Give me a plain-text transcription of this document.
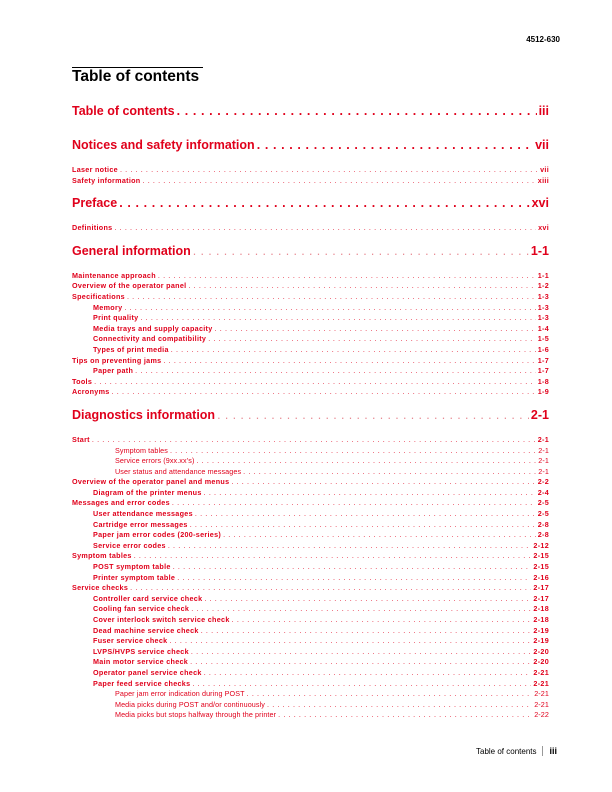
4512-630
Table of contents
Table of contents . . .	iii
Notices and safety information . . .	vii
Laser notice . . .	vii
Safety information . . .	xiii
Preface . . .	xvi
Definitions . . .	xvi
General information . . .	1-1
Maintenance approach . . .	1-1
Overview of the operator panel . . .	1-2
Specifications . . .	1-3
Memory . . .	1-3
Print quality . . .	1-3
Media trays and supply capacity . . .	1-4
Connectivity and compatibility . . .	1-5
Types of print media . . .	1-6
Tips on preventing jams . . .	1-7
Paper path . . .	1-7
Tools . . .	1-8
Acronyms . . .	1-9
Diagnostics information . . .	2-1
Start . . .	2-1
Symptom tables . . .	2-1
Service errors (9xx.xx’s) . . .	2-1
User status and attendance messages . . .	2-1
Overview of the operator panel and menus . . .	2-2
Diagram of the printer menus . . .	2-4
Messages and error codes . . .	2-5
User attendance messages . . .	2-5
Cartridge error messages . . .	2-8
Paper jam error codes (200-series) . . .	2-8
Service error codes . . .	2-12
Symptom tables . . .	2-15
POST symptom table . . .	2-15
Printer symptom table . . .	2-16
Service checks . . .	2-17
Controller card service check . . .	2-17
Cooling fan service check . . .	2-18
Cover interlock switch service check . . .	2-18
Dead machine service check . . .	2-19
Fuser service check . . .	2-19
LVPS/HVPS service check . . .	2-20
Main motor service check . . .	2-20
Operator panel service check . . .	2-21
Paper feed service checks . . .	2-21
Paper jam error indication during POST . . .	2-21
Media picks during POST and/or continuously . . .	2-21
Media picks but stops halfway through the printer . . .	2-22
Table of contents iii
